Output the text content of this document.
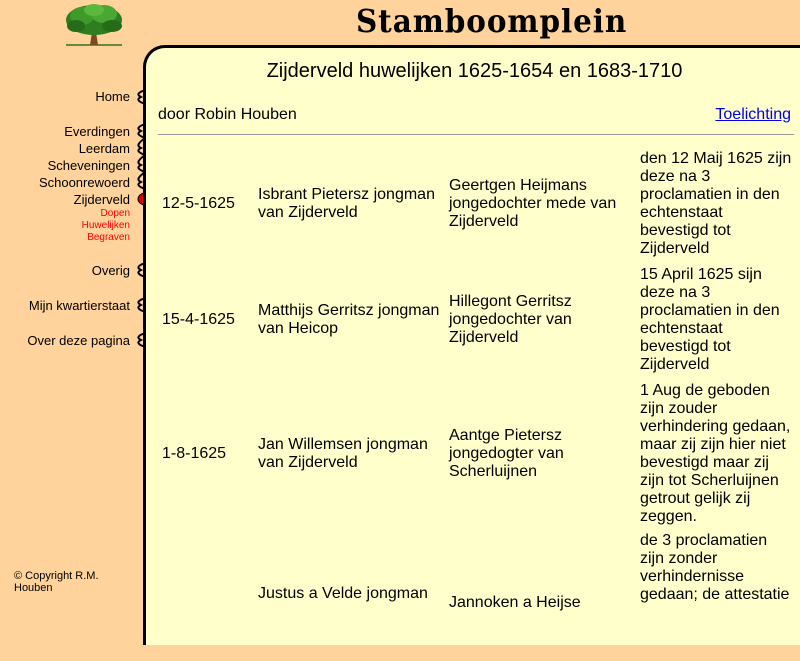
Stamboomplein
Home
Everdingen
Leerdam
Scheveningen
Schoonrewoerd
Zijderveld
Dopen
Huwelijken
Begraven
Overig
Mijn kwartierstaat
Over deze pagina
© Copyright R.M. Houben
Zijderveld huwelijken 1625-1654 en 1683-1710
door Robin Houben	Toelichting
12-5-1625	Isbrant Pietersz jongman van Zijderveld	Geertgen Heijmans jongedochter mede van Zijderveld	den 12 Maij 1625 zijn deze na 3 proclamatien in den echtenstaat bevestigd tot Zijderveld
15-4-1625	Matthijs Gerritsz jongman van Heicop	Hillegont Gerritsz jongedochter van Zijderveld	15 April 1625 sijn deze na 3 proclamatien in den echtenstaat bevestigd tot Zijderveld
1-8-1625	Jan Willemsen jongman van Zijderveld	Aantge Pietersz jongedogter van Scherluijnen	1 Aug de geboden zijn zouder verhindering gedaan, maar zij zijn hier niet bevestigd maar zij zijn tot Scherluijnen getrout gelijk zij zeggen.
	Justus a Velde jongman	Jannoken a Heijse	de 3 proclamatien zijn zonder verhindernisse gedaan; de attestatie
